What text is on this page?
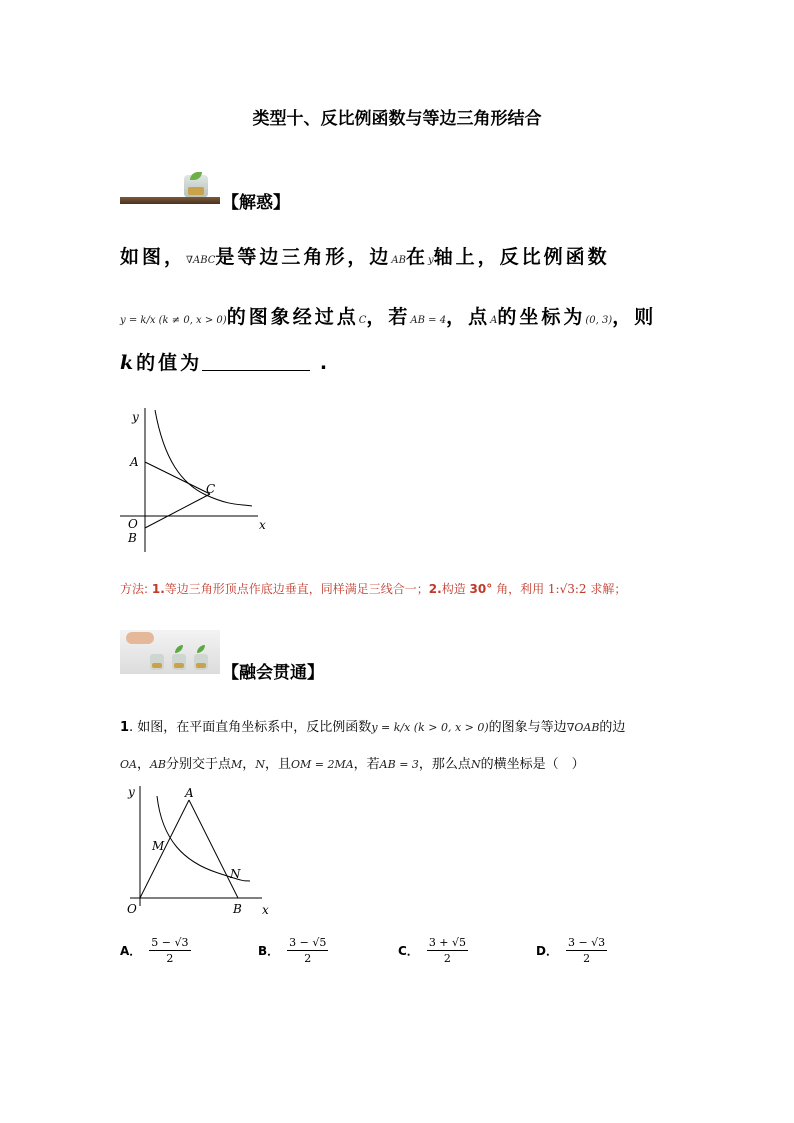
类型十、反比例函数与等边三角形结合
【解惑】
如图，∇ABC是等边三角形，边AB在y轴上，反比例函数
y = k/x (k ≠ 0, x > 0)的图象经过点C，若AB = 4，点A的坐标为(0, 3)，则
k的值为	.
y
A
C
O
B
x
方法: 1.等边三角形顶点作底边垂直，同样满足三线合一；2.构造 30° 角，利用 1:√3:2 求解；
【融会贯通】
1. 如图，在平面直角坐标系中，反比例函数y = k/x (k > 0, x > 0)的图象与等边∇OAB的边
OA，AB分别交于点M，N，且OM = 2MA，若AB = 3，那么点N的横坐标是（　）
y	A
M
N
O	B x
A． $\frac{5 - √3}{2}$	B． $\frac{3 - √5}{2}$	C． $\frac{3 + √5}{2}$	D． $\frac{3 - √3}{2}$
